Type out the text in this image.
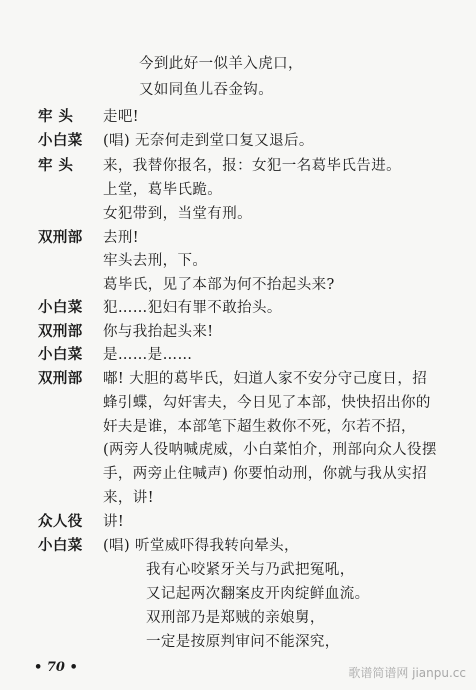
今到此好一似羊入虎口，
又如同鱼儿吞金钩。
牢 头 走吧!
小白菜 (唱) 无奈何走到堂口复又退后。
牢 头 来，我替你报名，报：女犯一名葛毕氏告进。
上堂，葛毕氏跪。
女犯带到，当堂有刑。
双刑部 去刑!
牢头去刑，下。
葛毕氏，见了本部为何不抬起头来?
小白菜 犯……犯妇有罪不敢抬头。
双刑部 你与我抬起头来!
小白菜 是……是……
双刑部 嘟! 大胆的葛毕氏，妇道人家不安分守己度日，招
蜂引蝶，勾奸害夫，今日见了本部，快快招出你的
奸夫是谁，本部笔下超生救你不死，尔若不招，
(两旁人役呐喊虎威，小白菜怕介，刑部向众人役摆
手，两旁止住喊声) 你要怕动刑，你就与我从实招
来，讲!
众人役 讲!
小白菜 (唱) 听堂威吓得我转向晕头，
我有心咬紧牙关与乃武把冤吼，
又记起两次翻案皮开肉绽鲜血流。
双刑部乃是郑贼的亲娘舅，
一定是按原判审问不能深究，
• 70 •	歌谱简谱网 jianpu.cc
